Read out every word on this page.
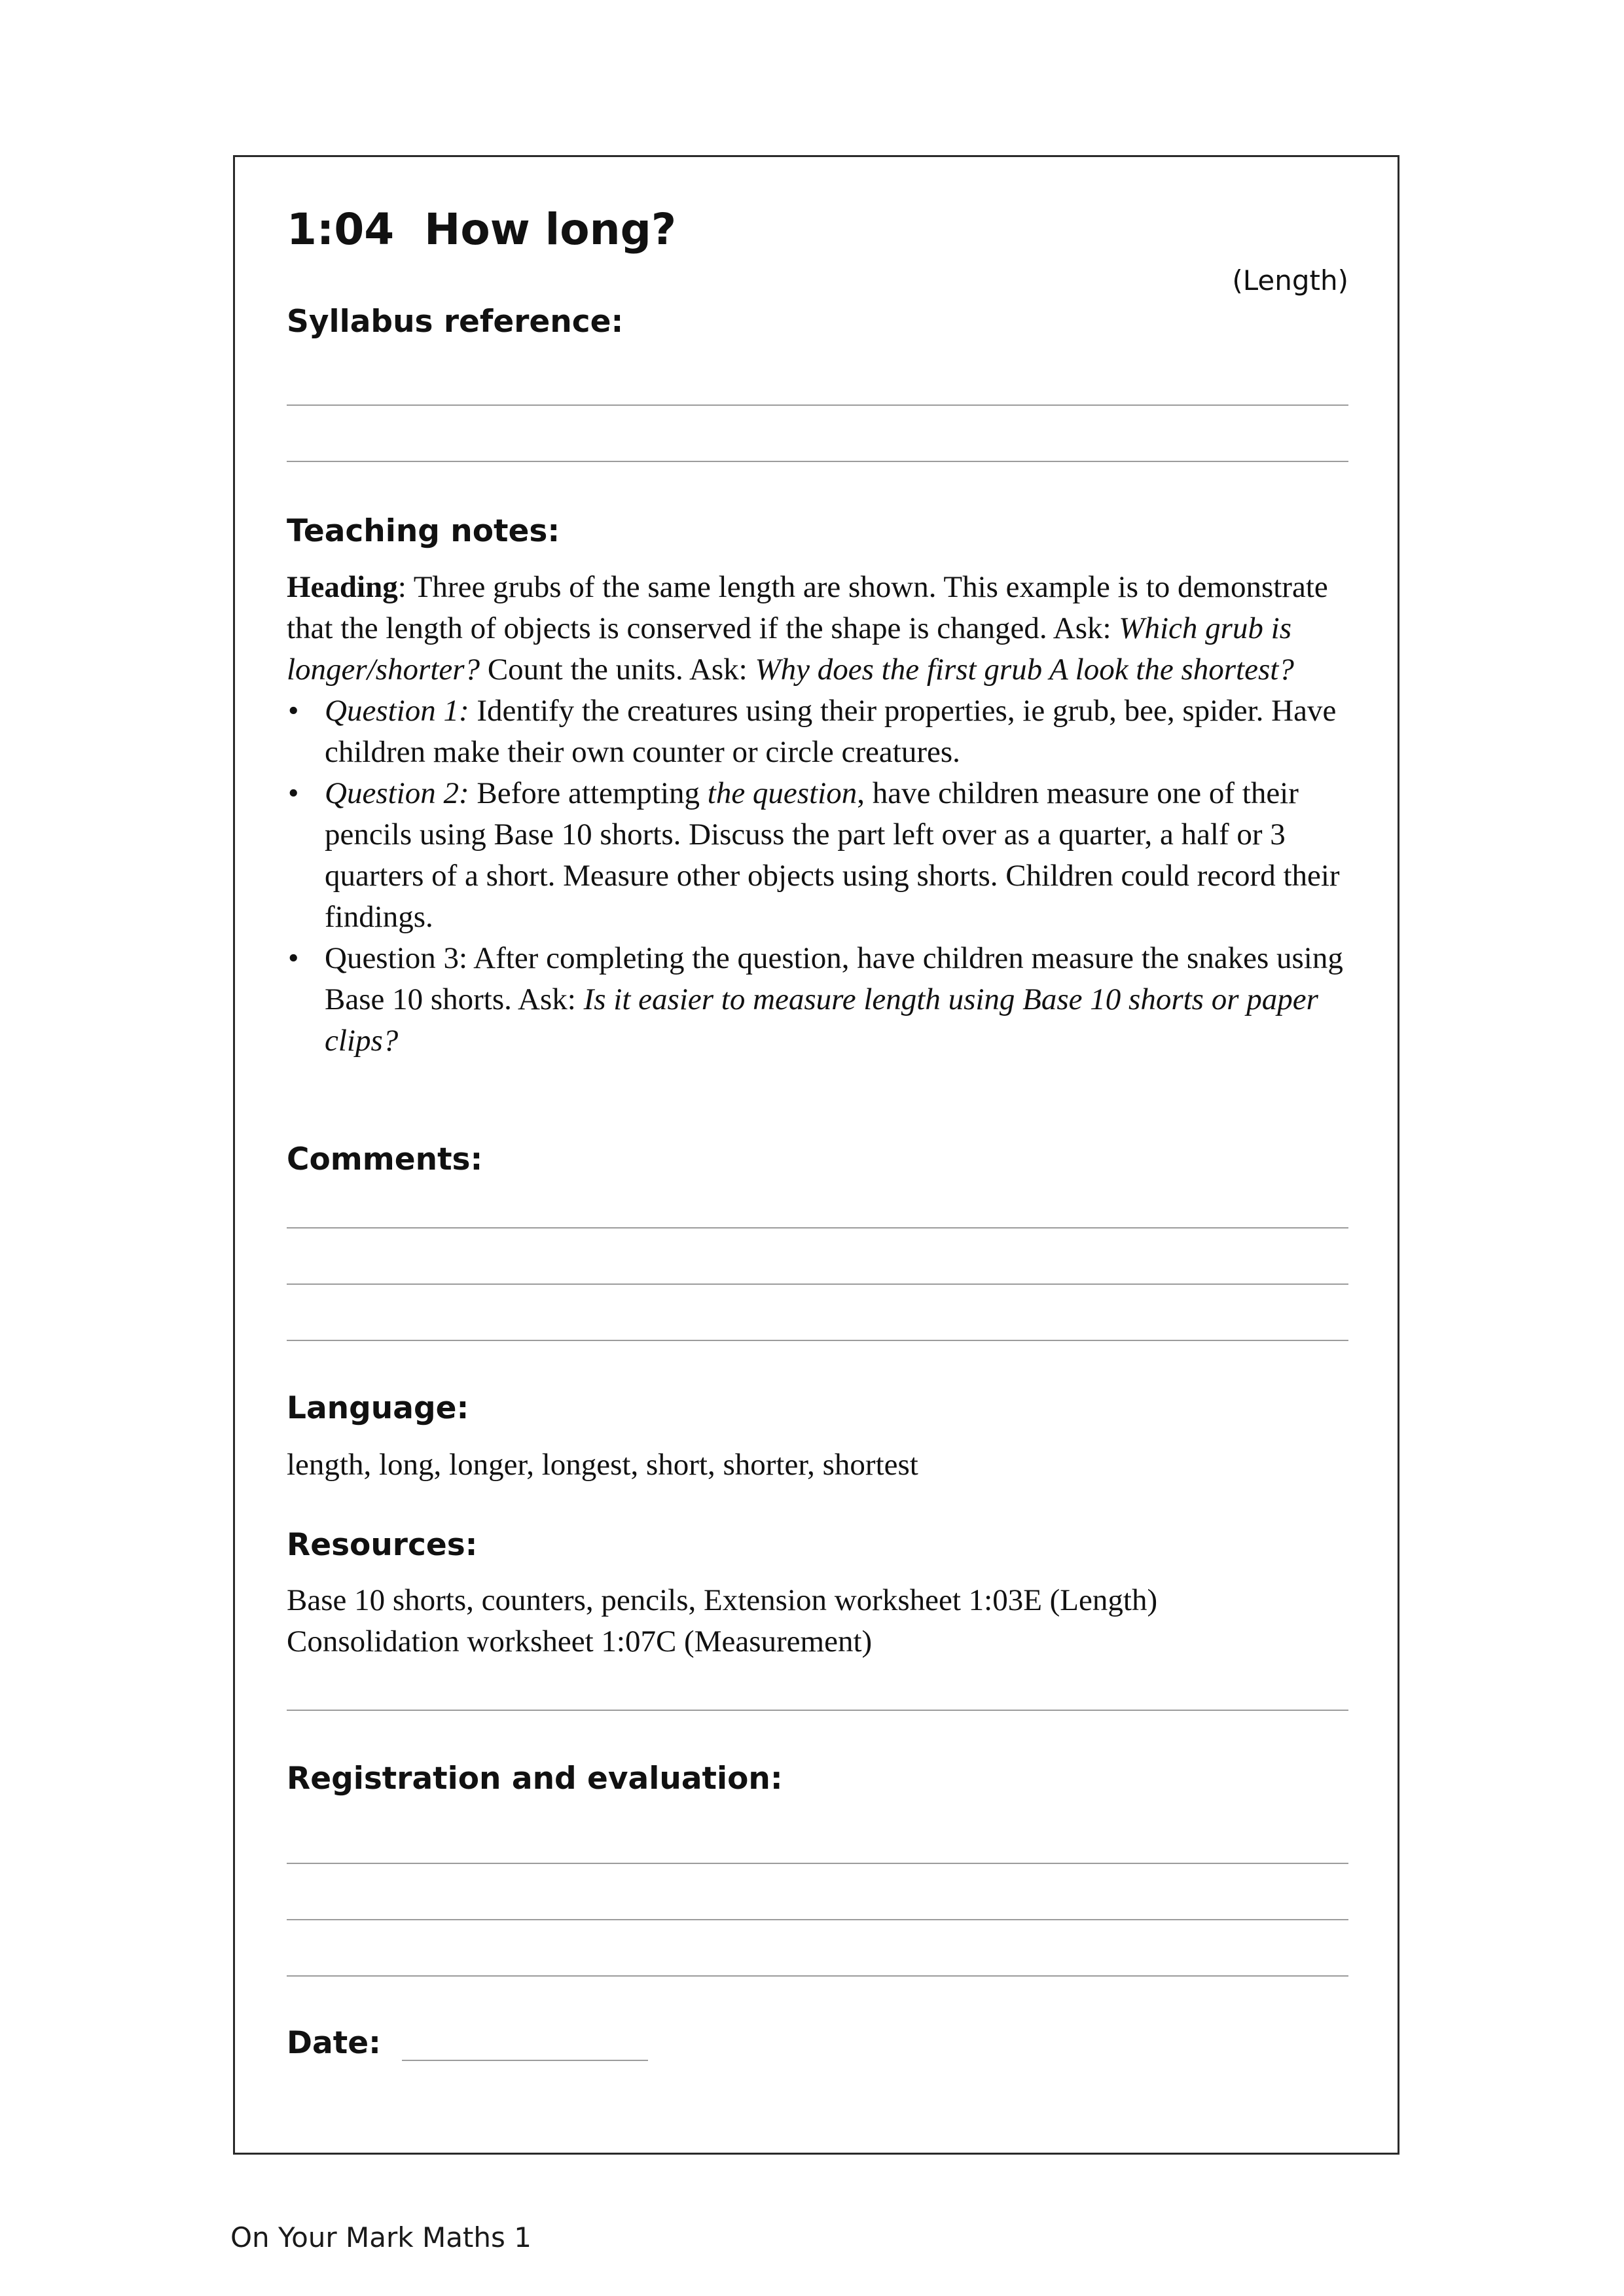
1:04  How long?
(Length)
Syllabus reference:
Teaching notes:

Heading: Three grubs of the same length are shown. This example is to demonstrate that the length of objects is conserved if the shape is changed. Ask: Which grub is longer/shorter? Count the units. Ask: Why does the first grub A look the shortest?

• Question 1: Identify the creatures using their properties, ie grub, bee, spider. Have children make their own counter or circle creatures.
• Question 2: Before attempting the question, have children measure one of their pencils using Base 10 shorts. Discuss the part left over as a quarter, a half or 3 quarters of a short. Measure other objects using shorts. Children could record their findings.
• Question 3: After completing the question, have children measure the snakes using Base 10 shorts. Ask: Is it easier to measure length using Base 10 shorts or paper clips?
Comments:
Language:
length, long, longer, longest, short, shorter, shortest
Resources:

Base 10 shorts, counters, pencils, Extension worksheet 1:03E (Length)

Consolidation worksheet 1:07C (Measurement)

Registration and evaluation:
Date:
On Your Mark Maths 1
